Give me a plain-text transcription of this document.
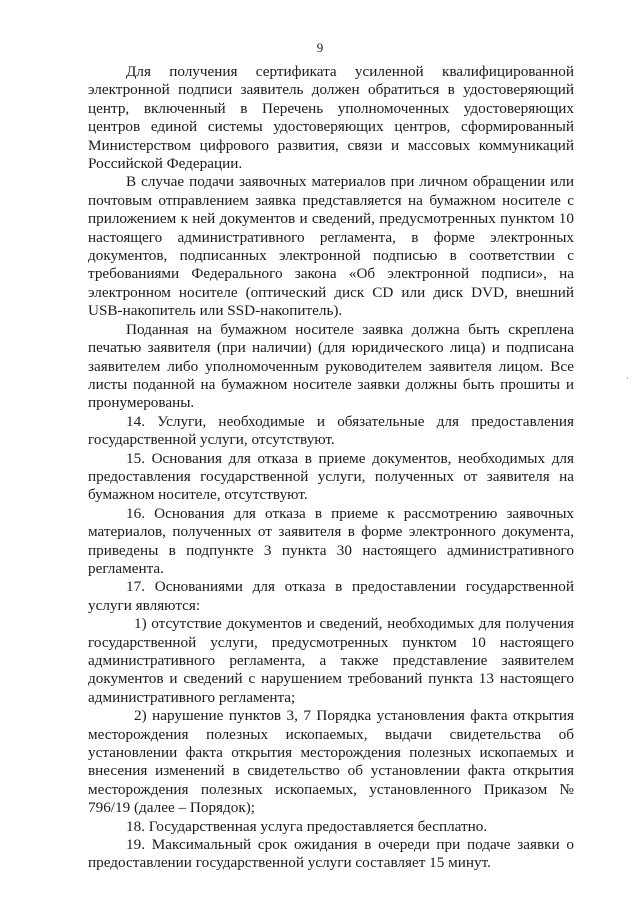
9

Для получения сертификата усиленной квалифицированной электронной подписи заявитель должен обратиться в удостоверяющий центр, включенный в Перечень уполномоченных удостоверяющих центров единой системы удостоверяющих центров, сформированный Министерством цифрового развития, связи и массовых коммуникаций Российской Федерации.

В случае подачи заявочных материалов при личном обращении или почтовым отправлением заявка представляется на бумажном носителе с приложением к ней документов и сведений, предусмотренных пунктом 10 настоящего административного регламента, в форме электронных документов, подписанных электронной подписью в соответствии с требованиями Федерального закона «Об электронной подписи», на электронном носителе (оптический диск CD или диск DVD, внешний USB-накопитель или SSD-накопитель).

Поданная на бумажном носителе заявка должна быть скреплена печатью заявителя (при наличии) (для юридического лица) и подписана заявителем либо уполномоченным руководителем заявителя лицом. Все листы поданной на бумажном носителе заявки должны быть прошиты и пронумерованы.

14. Услуги, необходимые и обязательные для предоставления государственной услуги, отсутствуют.

15. Основания для отказа в приеме документов, необходимых для предоставления государственной услуги, полученных от заявителя на бумажном носителе, отсутствуют.

16. Основания для отказа в приеме к рассмотрению заявочных материалов, полученных от заявителя в форме электронного документа, приведены в подпункте 3 пункта 30 настоящего административного регламента.

17. Основаниями для отказа в предоставлении государственной услуги являются:

1) отсутствие документов и сведений, необходимых для получения государственной услуги, предусмотренных пунктом 10 настоящего административного регламента, а также представление заявителем документов и сведений с нарушением требований пункта 13 настоящего административного регламента;

2) нарушение пунктов 3, 7 Порядка установления факта открытия месторождения полезных ископаемых, выдачи свидетельства об установлении факта открытия месторождения полезных ископаемых и внесения изменений в свидетельство об установлении факта открытия месторождения полезных ископаемых, установленного Приказом № 796/19 (далее – Порядок);

18. Государственная услуга предоставляется бесплатно.

19. Максимальный срок ожидания в очереди при подаче заявки о предоставлении государственной услуги составляет 15 минут.

·
